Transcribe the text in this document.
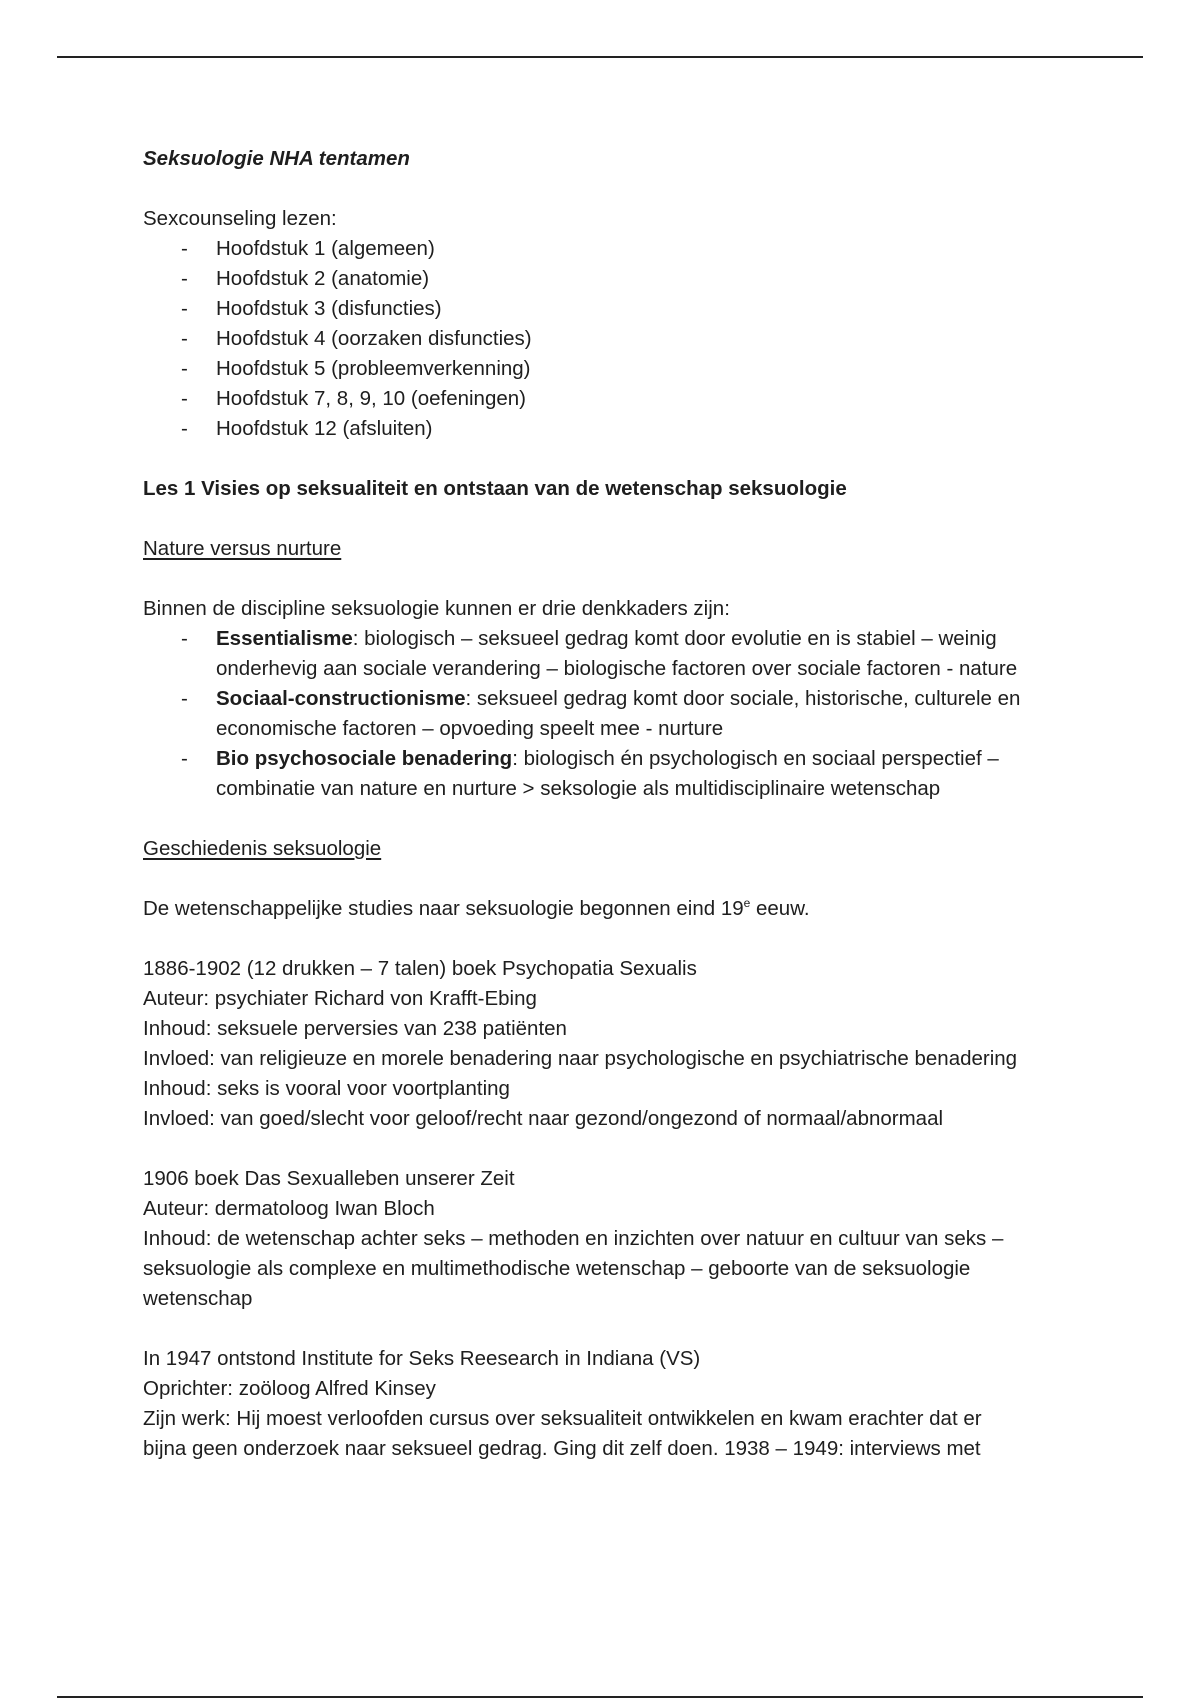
Seksuologie NHA tentamen
Sexcounseling lezen:
- Hoofdstuk 1 (algemeen)
- Hoofdstuk 2 (anatomie)
- Hoofdstuk 3 (disfuncties)
- Hoofdstuk 4 (oorzaken disfuncties)
- Hoofdstuk 5 (probleemverkenning)
- Hoofdstuk 7, 8, 9, 10 (oefeningen)
- Hoofdstuk 12 (afsluiten)
Les 1 Visies op seksualiteit en ontstaan van de wetenschap seksuologie
Nature versus nurture
Binnen de discipline seksuologie kunnen er drie denkkaders zijn:
- Essentialisme: biologisch – seksueel gedrag komt door evolutie en is stabiel – weinig onderhevig aan sociale verandering – biologische factoren over sociale factoren - nature
- Sociaal-constructionisme: seksueel gedrag komt door sociale, historische, culturele en economische factoren – opvoeding speelt mee - nurture
- Bio psychosociale benadering: biologisch én psychologisch en sociaal perspectief – combinatie van nature en nurture > seksologie als multidisciplinaire wetenschap
Geschiedenis seksuologie
De wetenschappelijke studies naar seksuologie begonnen eind 19e eeuw.
1886-1902 (12 drukken – 7 talen) boek Psychopatia Sexualis
Auteur: psychiater Richard von Krafft-Ebing
Inhoud: seksuele perversies van 238 patiënten
Invloed: van religieuze en morele benadering naar psychologische en psychiatrische benadering
Inhoud: seks is vooral voor voortplanting
Invloed: van goed/slecht voor geloof/recht naar gezond/ongezond of normaal/abnormaal
1906 boek Das Sexualleben unserer Zeit
Auteur: dermatoloog Iwan Bloch
Inhoud: de wetenschap achter seks – methoden en inzichten over natuur en cultuur van seks –
seksuologie als complexe en multimethodische wetenschap – geboorte van de seksuologie
wetenschap
In 1947 ontstond Institute for Seks Reesearch in Indiana (VS)
Oprichter: zoöloog Alfred Kinsey
Zijn werk: Hij moest verloofden cursus over seksualiteit ontwikkelen en kwam erachter dat er
bijna geen onderzoek naar seksueel gedrag. Ging dit zelf doen. 1938 – 1949: interviews met
